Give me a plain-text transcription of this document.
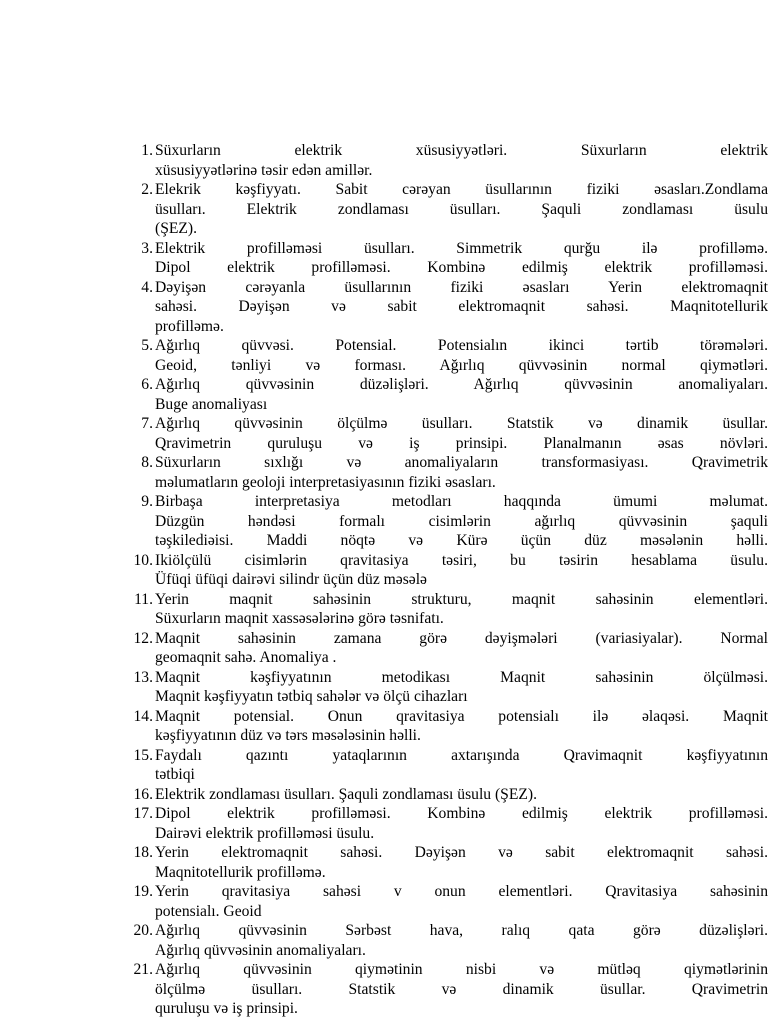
1. Süxurların elektrik xüsusiyyətləri. Süxurların elektrik
xüsusiyyətlərinə təsir edən amillər.
2. Elekrik kəşfiyyatı. Sabit cərəyan üsullarının fiziki əsasları.Zondlama
üsulları. Elektrik zondlaması üsulları. Şaquli zondlaması üsulu
(ŞEZ).
3. Elektrik profilləməsi üsulları. Simmetrik qurğu ilə profilləmə.
Dipol elektrik profilləməsi. Kombinə edilmiş elektrik profilləməsi.
4. Dəyişən cərəyanla üsullarının fiziki əsasları Yerin elektromaqnit
sahəsi. Dəyişən və sabit elektromaqnit sahəsi. Maqnitotellurik
profilləmə.
5. Ağırlıq qüvvəsi. Potensial. Potensialın ikinci tərtib törəmələri.
Geoid, tənliyi və forması. Ağırlıq qüvvəsinin normal qiymətləri.
6. Ağırlıq qüvvəsinin düzəlişləri. Ağırlıq qüvvəsinin anomaliyaları.
Buge anomaliyası
7. Ağırlıq qüvvəsinin ölçülmə üsulları. Statstik və dinamik üsullar.
Qravimetrin quruluşu və iş prinsipi. Planalmanın əsas növləri.
8. Süxurların sıxlığı və anomaliyaların transformasiyası. Qravimetrik
məlumatların geoloji interpretasiyasının fiziki əsasları.
9. Birbaşa interpretasiya metodları haqqında ümumi məlumat.
Düzgün həndəsi formalı cisimlərin ağırlıq qüvvəsinin şaquli
təşkilediəisi. Maddi nöqtə və Kürə üçün düz məsələnin həlli.
10. Ikiölçülü cisimlərin qravitasiya təsiri, bu təsirin hesablama üsulu.
Üfüqi üfüqi dairəvi silindr üçün düz məsələ
11. Yerin maqnit sahəsinin strukturu, maqnit sahəsinin elementləri.
Süxurların maqnit xassəsələrinə görə təsnifatı.
12. Maqnit sahəsinin zamana görə dəyişmələri (variasiyalar). Normal
geomaqnit sahə. Anomaliya .
13. Maqnit kəşfiyyatının metodikası Maqnit sahəsinin ölçülməsi.
Maqnit kəşfiyyatın tətbiq sahələr və ölçü cihazları
14. Maqnit potensial. Onun qravitasiya potensialı ilə əlaqəsi. Maqnit
kəşfiyyatının düz və tərs məsələsinin həlli.
15. Faydalı qazıntı yataqlarının axtarışında Qravimaqnit kəşfiyyatının
tətbiqi
16. Elektrik zondlaması üsulları. Şaquli zondlaması üsulu (ŞEZ).
17. Dipol elektrik profilləməsi. Kombinə edilmiş elektrik profilləməsi.
Dairəvi elektrik profilləməsi üsulu.
18. Yerin elektromaqnit sahəsi. Dəyişən və sabit elektromaqnit sahəsi.
Maqnitotellurik profilləmə.
19. Yerin qravitasiya sahəsi v onun elementləri. Qravitasiya sahəsinin
potensialı. Geoid
20. Ağırlıq qüvvəsinin Sərbəst hava, ralıq qata görə düzəlişləri.
Ağırlıq qüvvəsinin anomaliyaları.
21. Ağırlıq qüvvəsinin qiymətinin nisbi və mütləq qiymətlərinin
ölçülmə üsulları. Statstik və dinamik üsullar. Qravimetrin
quruluşu və iş prinsipi.
